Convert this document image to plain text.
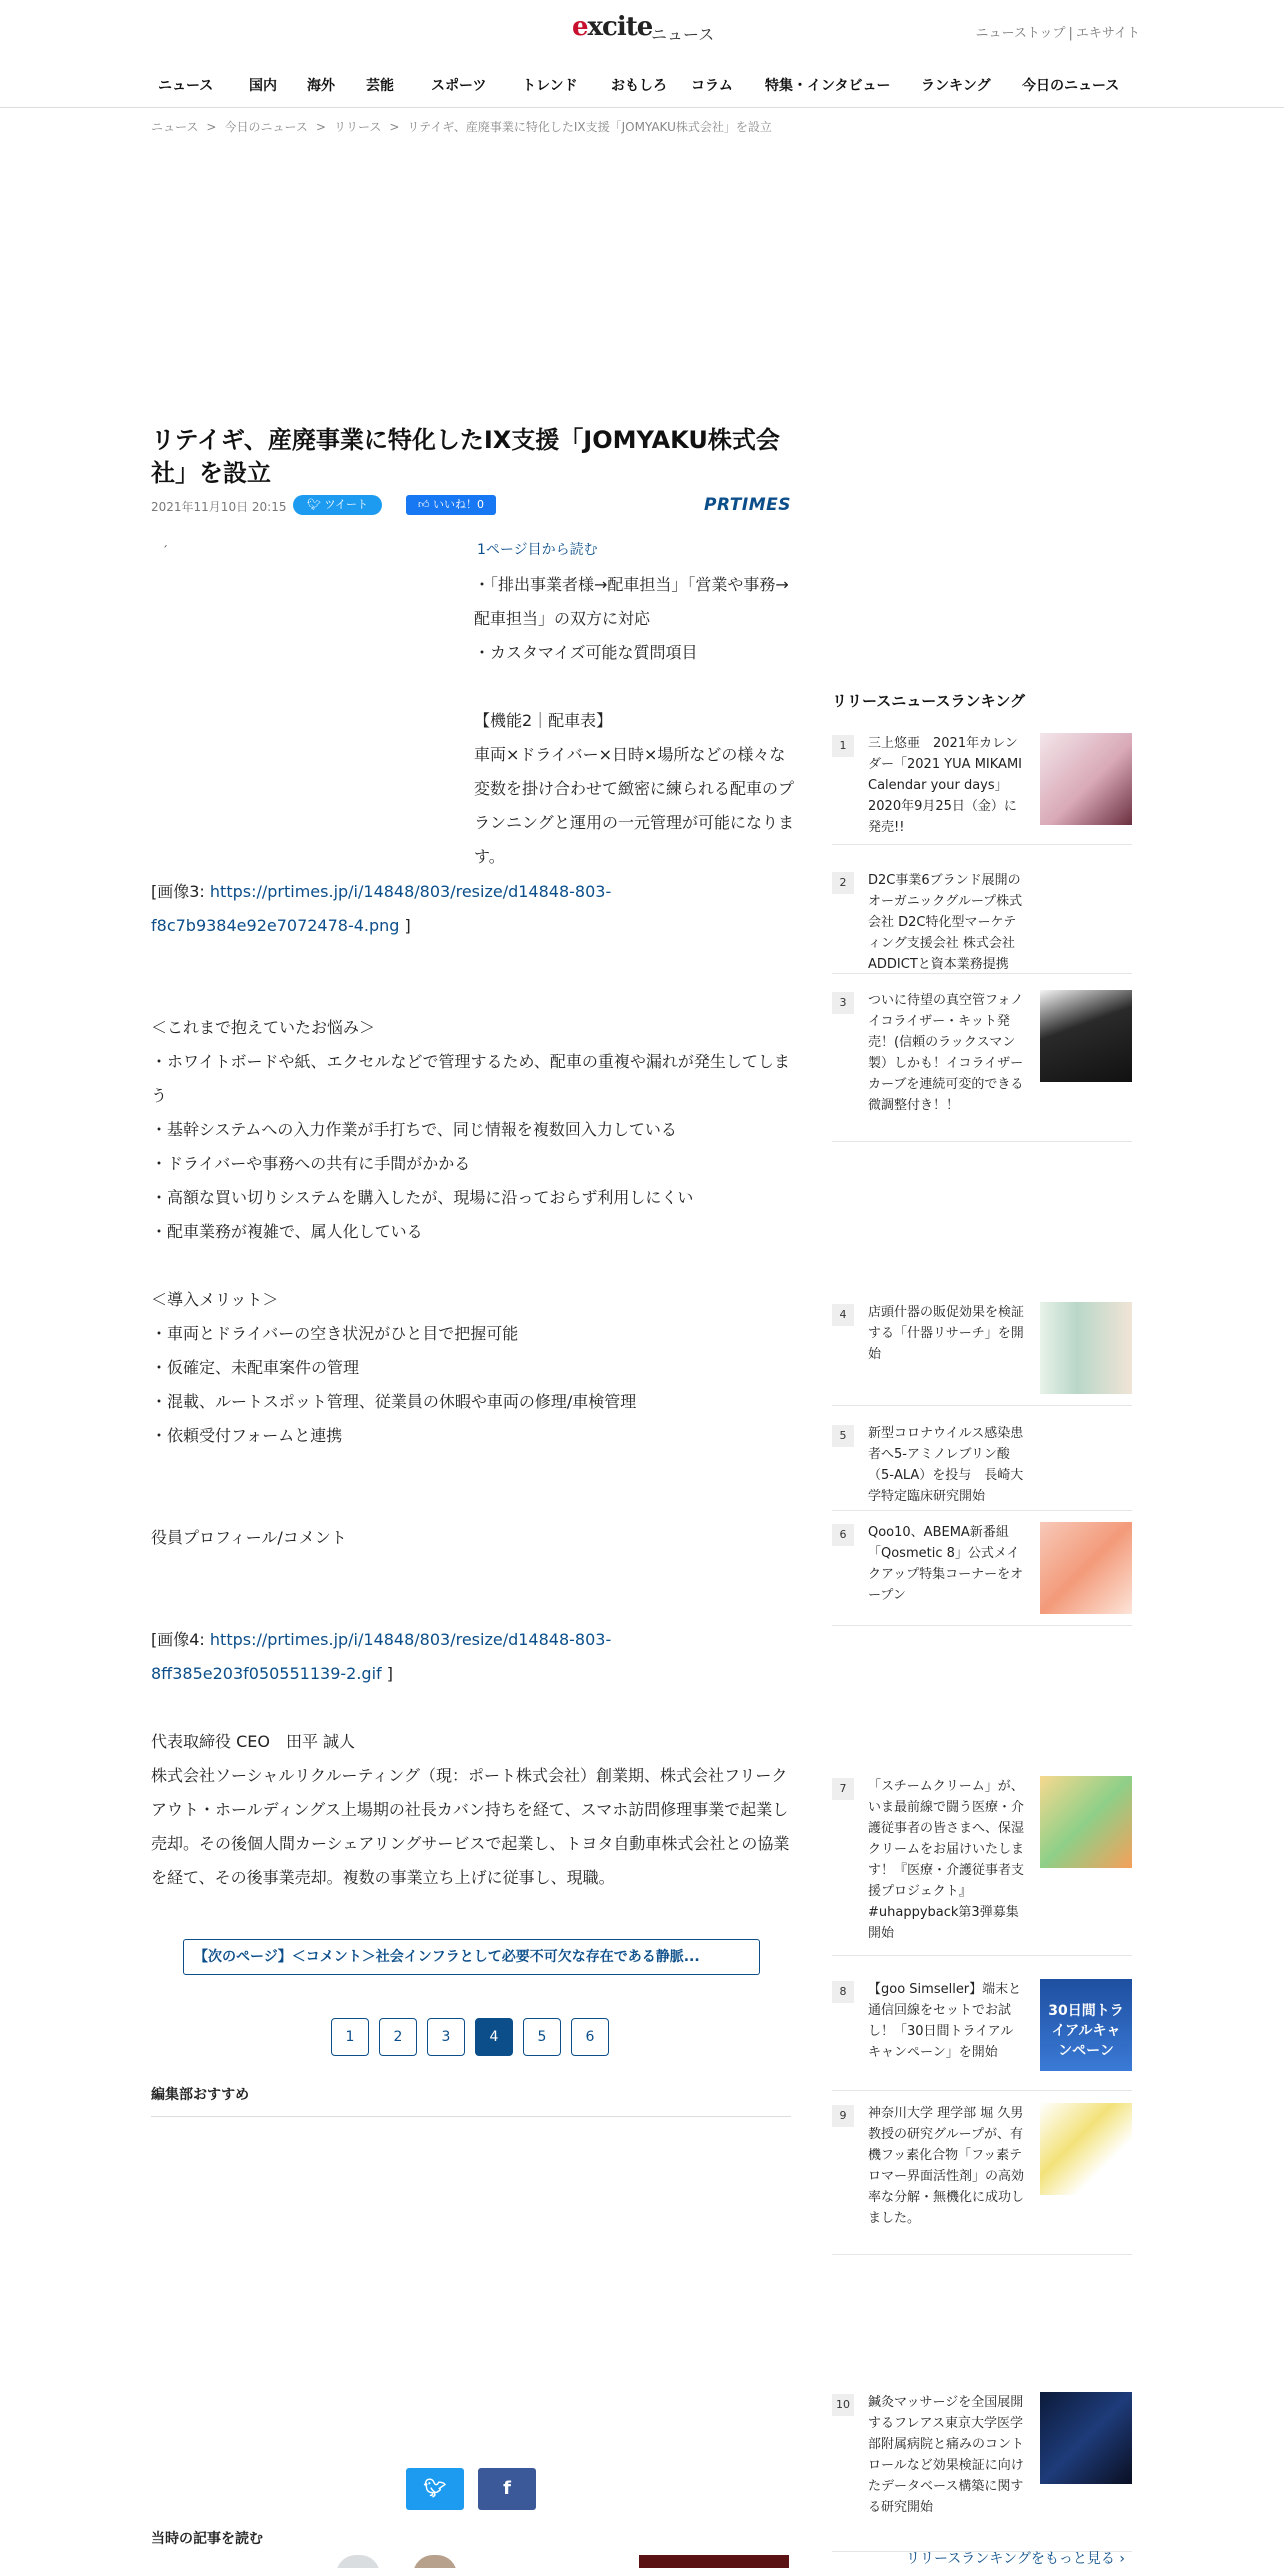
excite
ニュース	ニューストップ | エキサイト
ニュース	国内	海外	芸能	スポーツ	トレンド	おもしろ	コラム	特集・インタビュー	ランキング	今日のニュース
ニュース > 今日のニュース > リリース > リテイギ、産廃事業に特化したIX支援「JOMYAKU株式会社」を設立
リテイギ、産廃事業に特化したIX支援「JOMYAKU株式会社」を設立
2021年11月10日 20:15	🐦︎ ツイート	👍︎ いいね！0	PRTIMES
´	1ページ目から読む

・「排出事業者様→配車担当」「営業や事務→配車担当」の双方に対応

・カスタマイズ可能な質問項目

【機能2｜配車表】

車両×ドライバー×日時×場所などの様々な変数を掛け合わせて緻密に練られる配車のプランニングと運用の一元管理が可能になります。

[画像3: https://prtimes.jp/i/14848/803/resize/d14848-803-f8c7b9384e92e7072478-4.png ]

＜これまで抱えていたお悩み＞

・ホワイトボードや紙、エクセルなどで管理するため、配車の重複や漏れが発生してしまう

・基幹システムへの入力作業が手打ちで、同じ情報を複数回入力している

・ドライバーや事務への共有に手間がかかる

・高額な買い切りシステムを購入したが、現場に沿っておらず利用しにくい

・配車業務が複雑で、属人化している

＜導入メリット＞

・車両とドライバーの空き状況がひと目で把握可能

・仮確定、未配車案件の管理

・混載、ルートスポット管理、従業員の休暇や車両の修理/車検管理

・依頼受付フォームと連携

役員プロフィール/コメント

[画像4: https://prtimes.jp/i/14848/803/resize/d14848-803-8ff385e203f050551139-2.gif ]

代表取締役 CEO　田平 誠人

株式会社ソーシャルリクルーティング（現：ポート株式会社）創業期、株式会社フリークアウト・ホールディングス上場期の社長カバン持ちを経て、スマホ訪問修理事業で起業し売却。その後個人間カーシェアリングサービスで起業し、トヨタ自動車株式会社との協業を経て、その後事業売却。複数の事業立ち上げに従事し、現職。

【次のページ】＜コメント＞社会インフラとして必要不可欠な存在である静脈...
1	2	3	4	5	6
編集部おすすめ
🐦︎	f
当時の記事を読む
リリースニュースランキング
1	三上悠亜　2021年カレンダー「2021 YUA MIKAMI Calendar your days」2020年9月25日（金）に発売!!
2	D2C事業6ブランド展開のオーガニックグループ株式会社 D2C特化型マーケティング支援会社 株式会社ADDICTと資本業務提携
3	ついに待望の真空管フォノイコライザー・キット発売！(信頼のラックスマン製）しかも！イコライザーカーブを連続可変的できる微調整付き！！
4	店頭什器の販促効果を検証する「什器リサーチ」を開始
5	新型コロナウイルス感染患者へ5-アミノレブリン酸（5-ALA）を投与　長崎大学特定臨床研究開始
6	Qoo10、ABEMA新番組「Qosmetic 8」公式メイクアップ特集コーナーをオープン
7	「スチームクリーム」が、いま最前線で闘う医療・介護従事者の皆さまへ、保湿クリームをお届けいたします！『医療・介護従事者支援プロジェクト』#uhappyback第3弾募集開始
8	【goo Simseller】端末と通信回線をセットでお試し！「30日間トライアルキャンペーン」を開始
30日間トライアルキャンペーン
9	神奈川大学 理学部 堀 久男 教授の研究グループが、有機フッ素化合物「フッ素テロマー界面活性剤」の高効率な分解・無機化に成功しました。
10	鍼灸マッサージを全国展開するフレアス東京大学医学部附属病院と痛みのコントロールなど効果検証に向けたデータベース構築に関する研究開始
リリースランキングをもっと見る ›
